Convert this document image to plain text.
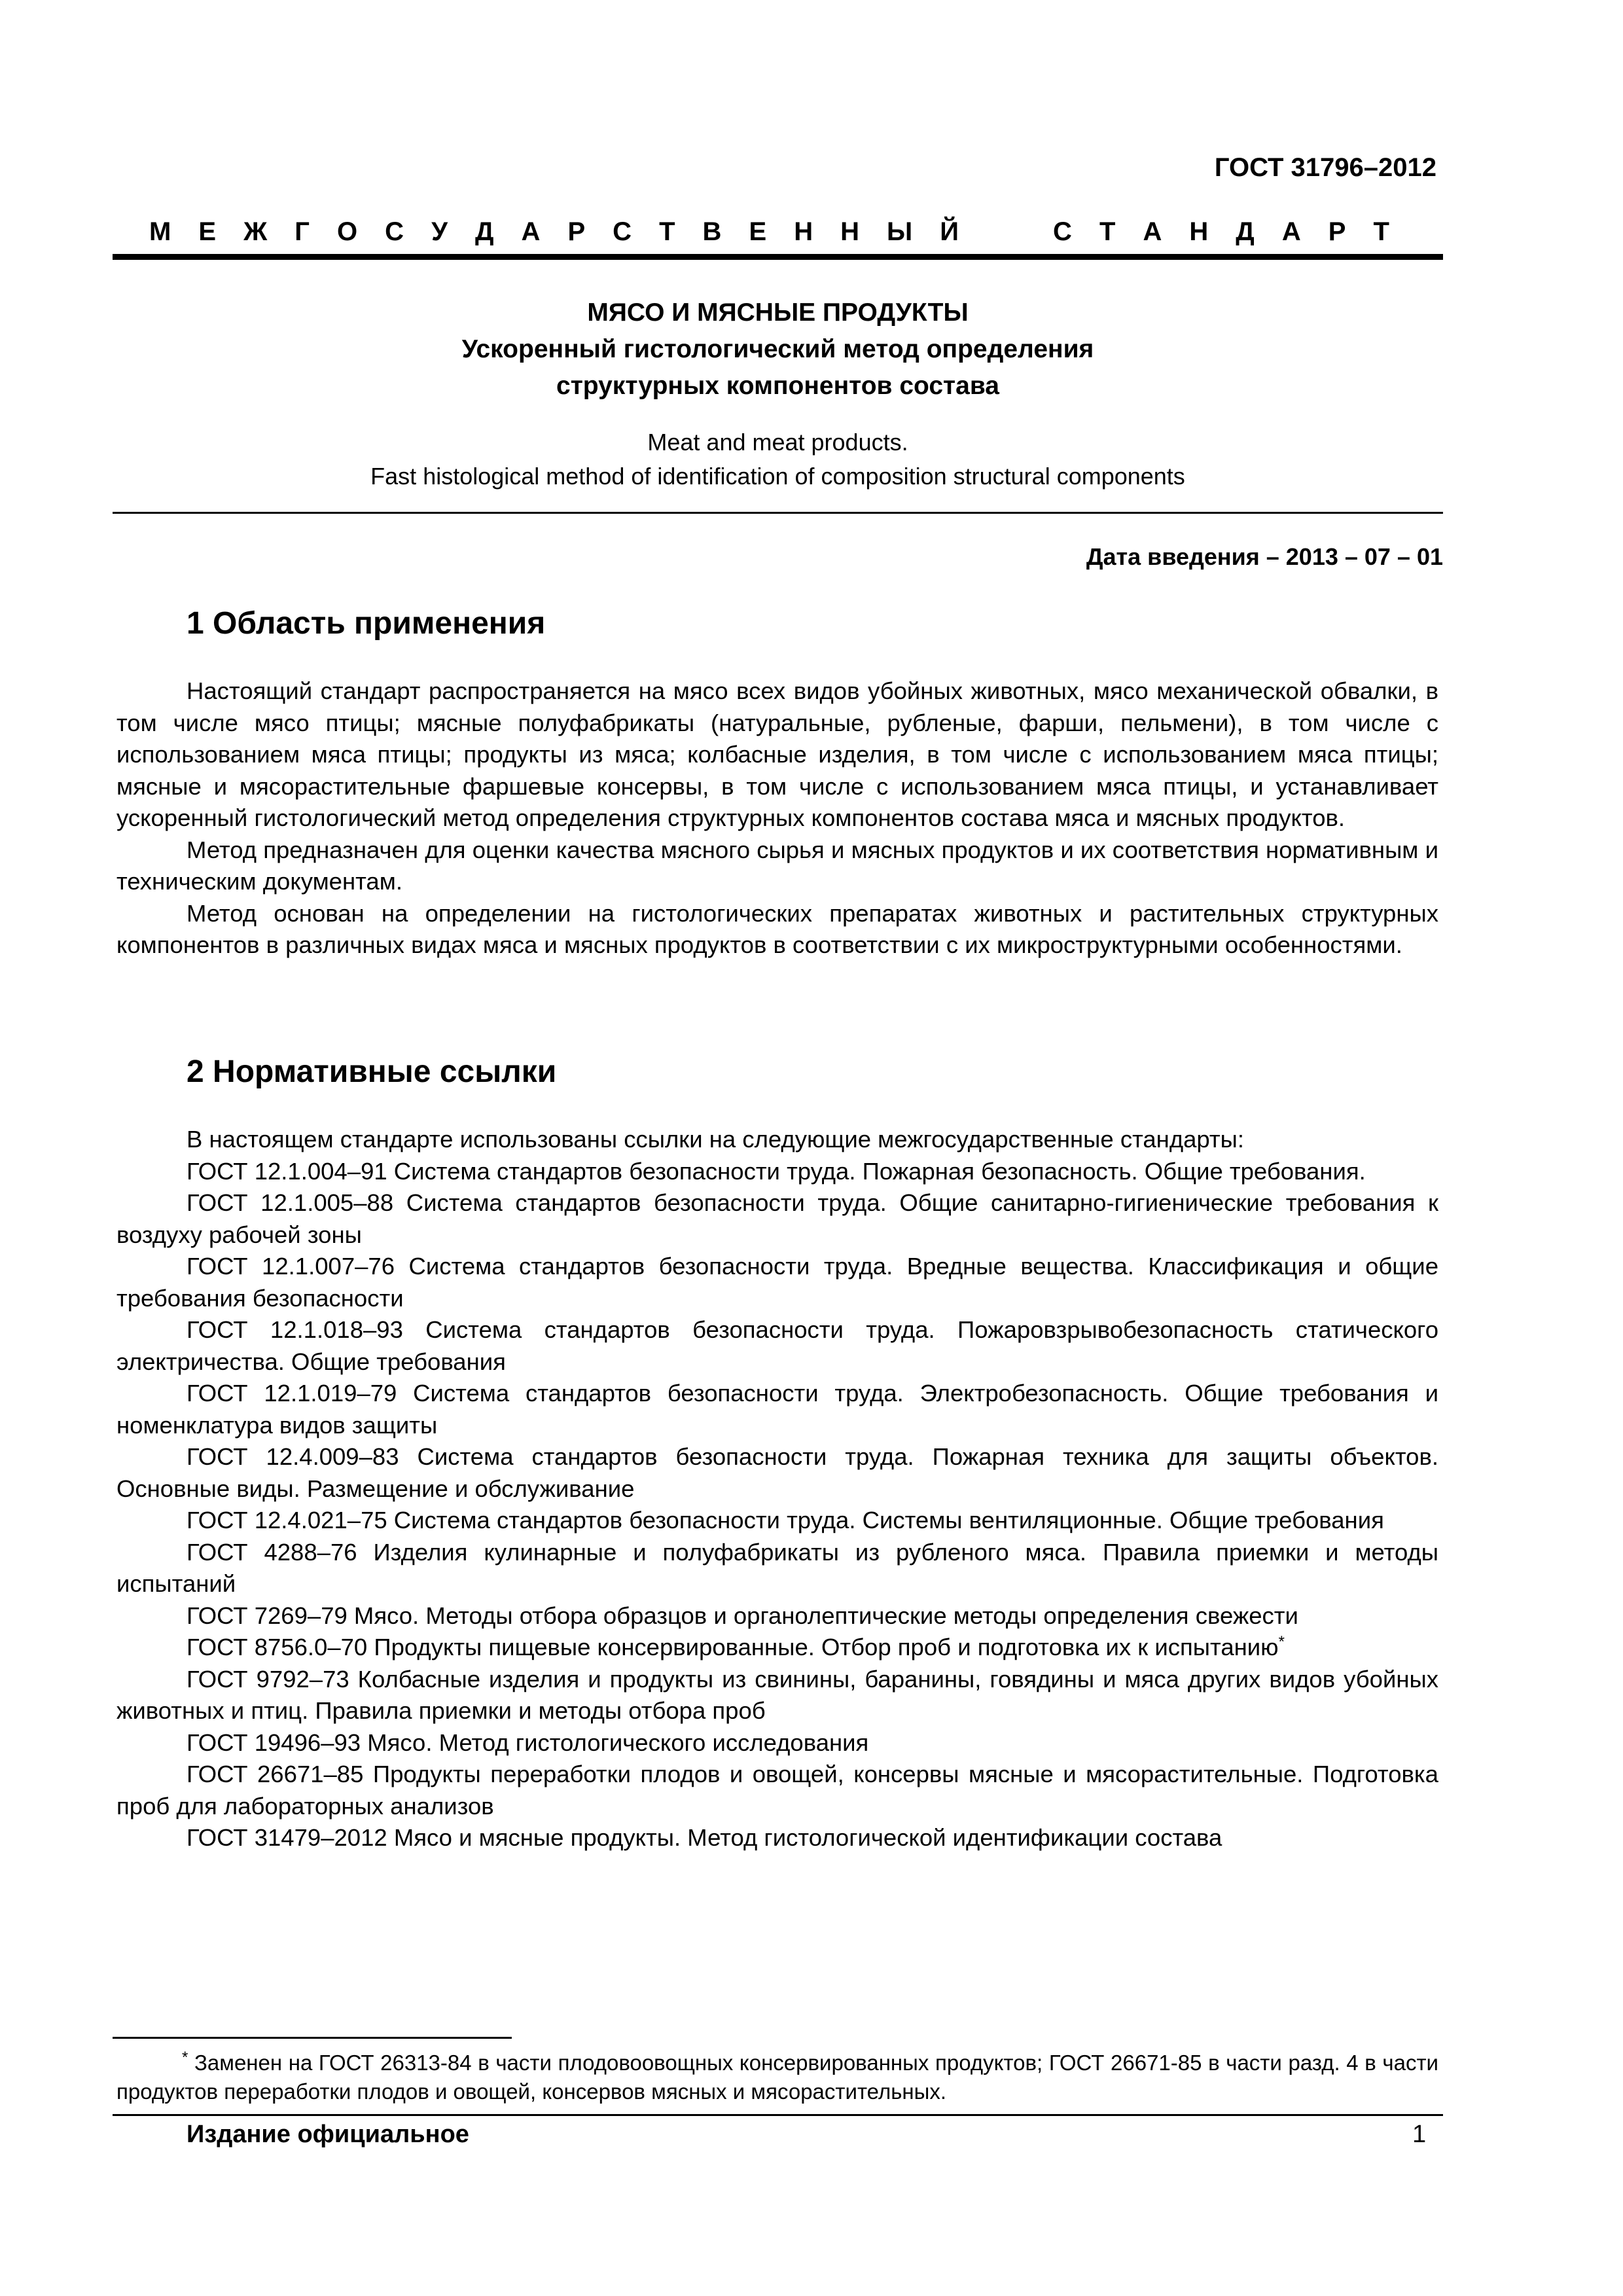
ГОСТ 31796–2012
М Е Ж Г О С У Д А Р С Т В Е Н Н Ы Й	С Т А Н Д А Р Т
МЯСО И МЯСНЫЕ ПРОДУКТЫ
Ускоренный гистологический метод определения
структурных компонентов состава
Meat and meat products.
Fast histological method of identification of composition structural components
Дата введения – 2013 – 07 – 01
1 Область применения

Настоящий стандарт распространяется на мясо всех видов убойных животных, мясо механической обвалки, в том числе мясо птицы; мясные полуфабрикаты (натуральные, рубленые, фарши, пельмени), в том числе с использованием мяса птицы; продукты из мяса; колбасные изделия, в том числе с использованием мяса птицы; мясные и мясорастительные фаршевые консервы, в том числе с использованием мяса птицы, и устанавливает ускоренный гистологический метод определения структурных компонентов состава мяса и мясных продуктов.

Метод предназначен для оценки качества мясного сырья и мясных продуктов и их соответствия нормативным и техническим документам.

Метод основан на определении на гистологических препаратах животных и растительных структурных компонентов в различных видах мяса и мясных продуктов в соответствии с их микроструктурными особенностями.

2 Нормативные ссылки

В настоящем стандарте использованы ссылки на следующие межгосударственные стандарты:

ГОСТ 12.1.004–91 Система стандартов безопасности труда. Пожарная безопасность. Общие требования.

ГОСТ 12.1.005–88 Система стандартов безопасности труда. Общие санитарно-гигиенические требования к воздуху рабочей зоны

ГОСТ 12.1.007–76 Система стандартов безопасности труда. Вредные вещества. Классификация и общие требования безопасности

ГОСТ 12.1.018–93 Система стандартов безопасности труда. Пожаровзрывобезопасность статического электричества. Общие требования

ГОСТ 12.1.019–79 Система стандартов безопасности труда. Электробезопасность. Общие требования и номенклатура видов защиты

ГОСТ 12.4.009–83 Система стандартов безопасности труда. Пожарная техника для защиты объектов. Основные виды. Размещение и обслуживание

ГОСТ 12.4.021–75 Система стандартов безопасности труда. Системы вентиляционные. Общие требования

ГОСТ 4288–76 Изделия кулинарные и полуфабрикаты из рубленого мяса. Правила приемки и методы испытаний

ГОСТ 7269–79 Мясо. Методы отбора образцов и органолептические методы определения свежести

ГОСТ 8756.0–70 Продукты пищевые консервированные. Отбор проб и подготовка их к испытанию*

ГОСТ 9792–73 Колбасные изделия и продукты из свинины, баранины, говядины и мяса других видов убойных животных и птиц. Правила приемки и методы отбора проб

ГОСТ 19496–93 Мясо. Метод гистологического исследования

ГОСТ 26671–85 Продукты переработки плодов и овощей, консервы мясные и мясорастительные. Подготовка проб для лабораторных анализов

ГОСТ 31479–2012 Мясо и мясные продукты. Метод гистологической идентификации состава

* Заменен на ГОСТ 26313-84 в части плодовоовощных консервированных продуктов; ГОСТ 26671-85 в части разд. 4 в части продуктов переработки плодов и овощей, консервов мясных и мясорастительных.
Издание официальное	1
